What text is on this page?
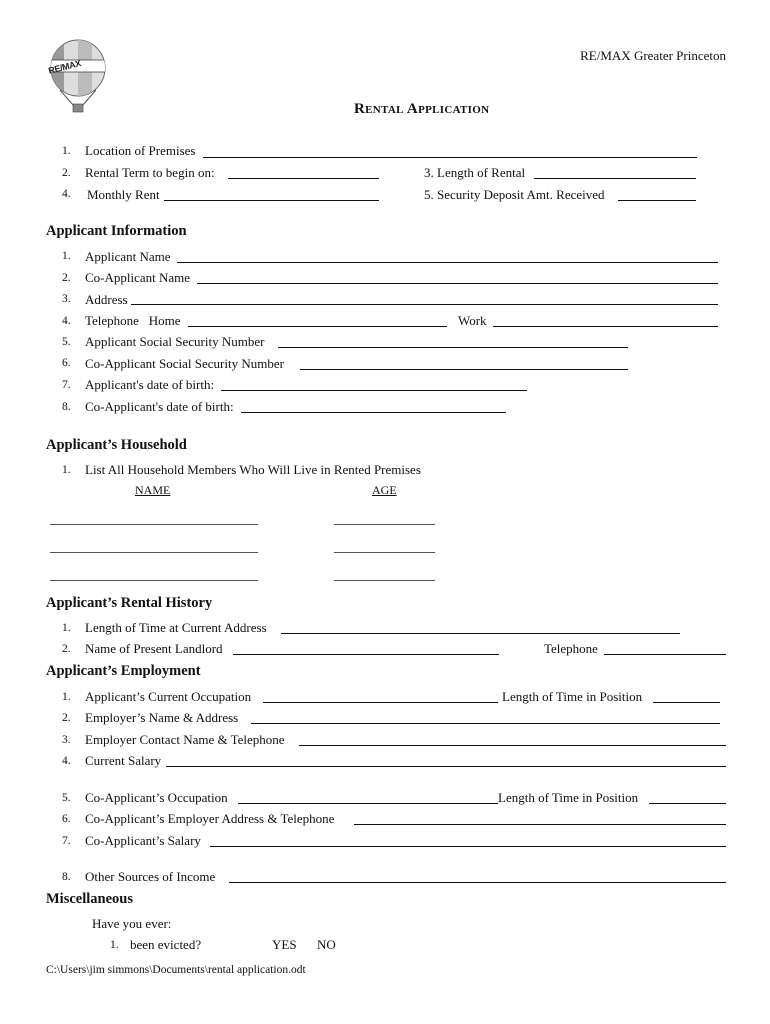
RE/MAX
RE/MAX Greater Princeton
Rental Application
1. Location of Premises
2. Rental Term to begin on:	3. Length of Rental
4. Monthly Rent	5. Security Deposit Amt. Received
Applicant Information
1. Applicant Name
2. Co-Applicant Name
3. Address
4. Telephone   Home	Work
5. Applicant Social Security Number
6. Co-Applicant Social Security Number
7. Applicant's date of birth:
8. Co-Applicant's date of birth:
Applicant’s Household
1. List All Household Members Who Will Live in Rented Premises
NAME	AGE
Applicant’s Rental History
1. Length of Time at Current Address
2. Name of Present Landlord	Telephone
Applicant’s Employment
1. Applicant’s Current Occupation	Length of Time in Position
2. Employer’s Name & Address
3. Employer Contact Name & Telephone
4. Current Salary
5. Co-Applicant’s Occupation	Length of Time in Position
6. Co-Applicant’s Employer Address & Telephone
7. Co-Applicant’s Salary
8. Other Sources of Income
Miscellaneous
Have you ever:
1. been evicted?	YES NO
C:\Users\jim simmons\Documents\rental application.odt
